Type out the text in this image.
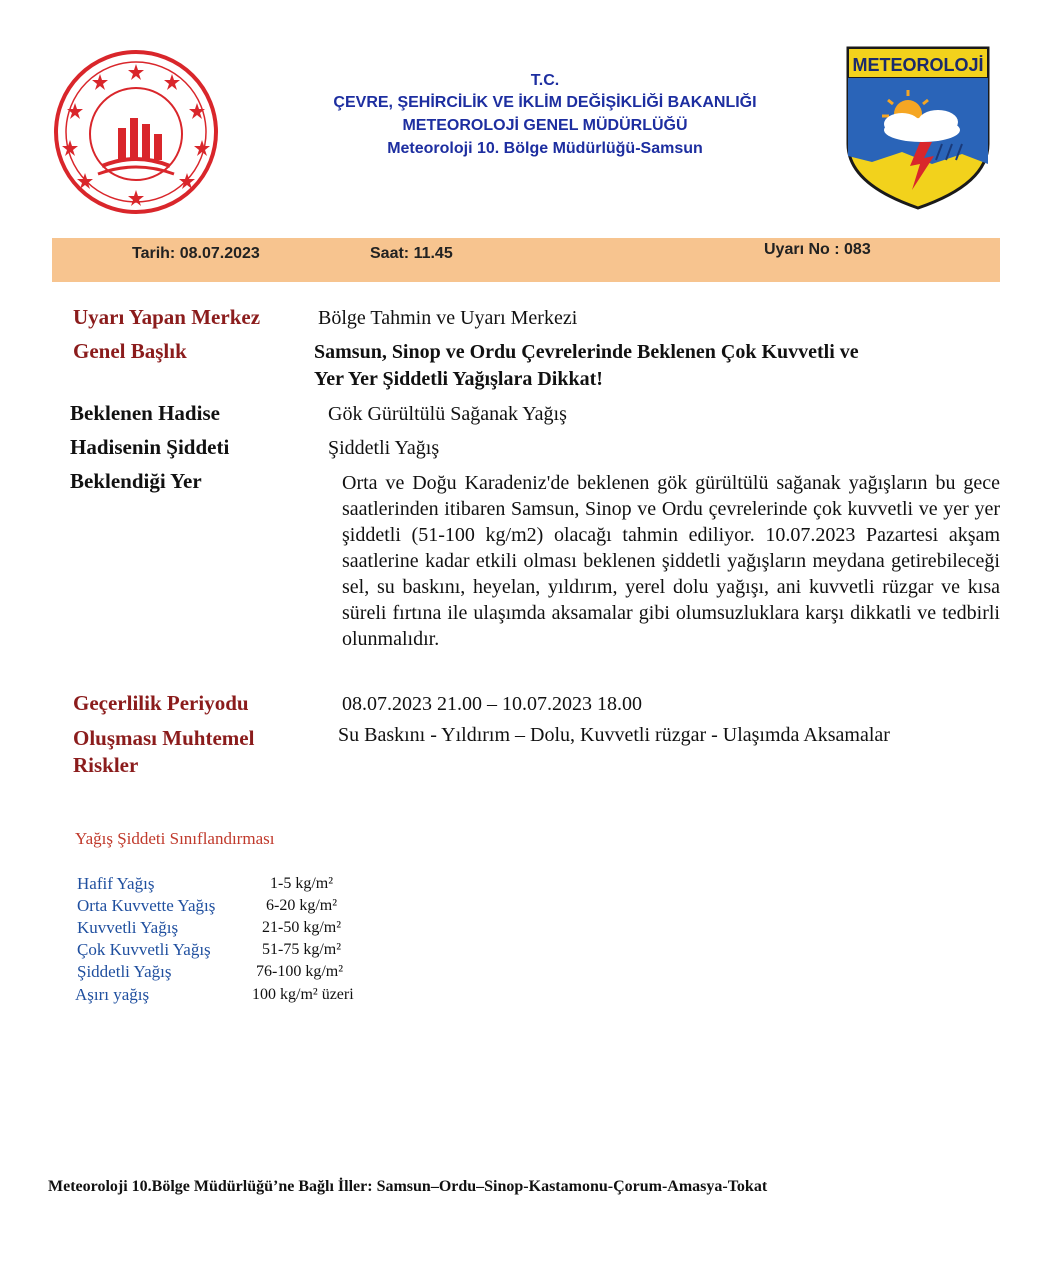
T.C.
ÇEVRE, ŞEHİRCİLİK VE İKLİM DEĞİŞİKLİĞİ BAKANLIĞI
METEOROLOJİ GENEL MÜDÜRLÜĞÜ
Meteoroloji 10. Bölge Müdürlüğü-Samsun
METEOROLOJİ
Tarih: 08.07.2023	Saat: 11.45	Uyarı No : 083
Uyarı Yapan Merkez	Bölge Tahmin ve Uyarı Merkezi
Genel Başlık	Samsun, Sinop ve Ordu Çevrelerinde Beklenen Çok Kuvvetli ve
Yer Yer Şiddetli Yağışlara Dikkat!
Beklenen Hadise	Gök Gürültülü Sağanak Yağış
Hadisenin Şiddeti	Şiddetli Yağış
Beklendiği Yer	Orta ve Doğu Karadeniz'de beklenen gök gürültülü sağanak yağışların bu gece saatlerinden itibaren Samsun, Sinop ve Ordu çevrelerinde çok kuvvetli ve yer yer şiddetli (51-100 kg/m2) olacağı tahmin ediliyor. 10.07.2023 Pazartesi akşam saatlerine kadar etkili olması beklenen şiddetli yağışların meydana getirebileceği sel, su baskını, heyelan, yıldırım, yerel dolu yağışı, ani kuvvetli rüzgar ve kısa süreli fırtına ile ulaşımda aksamalar gibi olumsuzluklara karşı dikkatli ve tedbirli olunmalıdır.
Geçerlilik Periyodu	08.07.2023 21.00 – 10.07.2023 18.00
Oluşması Muhtemel
Riskler
Su Baskını - Yıldırım – Dolu, Kuvvetli rüzgar - Ulaşımda Aksamalar
Yağış Şiddeti Sınıflandırması
Hafif Yağış	1-5 kg/m²
Orta Kuvvette Yağış	6-20 kg/m²
Kuvvetli Yağış	21-50 kg/m²
Çok Kuvvetli Yağış	51-75 kg/m²
Şiddetli Yağış	76-100 kg/m²
Aşırı yağış	100 kg/m² üzeri
Meteoroloji 10.Bölge Müdürlüğü’ne Bağlı İller: Samsun–Ordu–Sinop-Kastamonu-Çorum-Amasya-Tokat
